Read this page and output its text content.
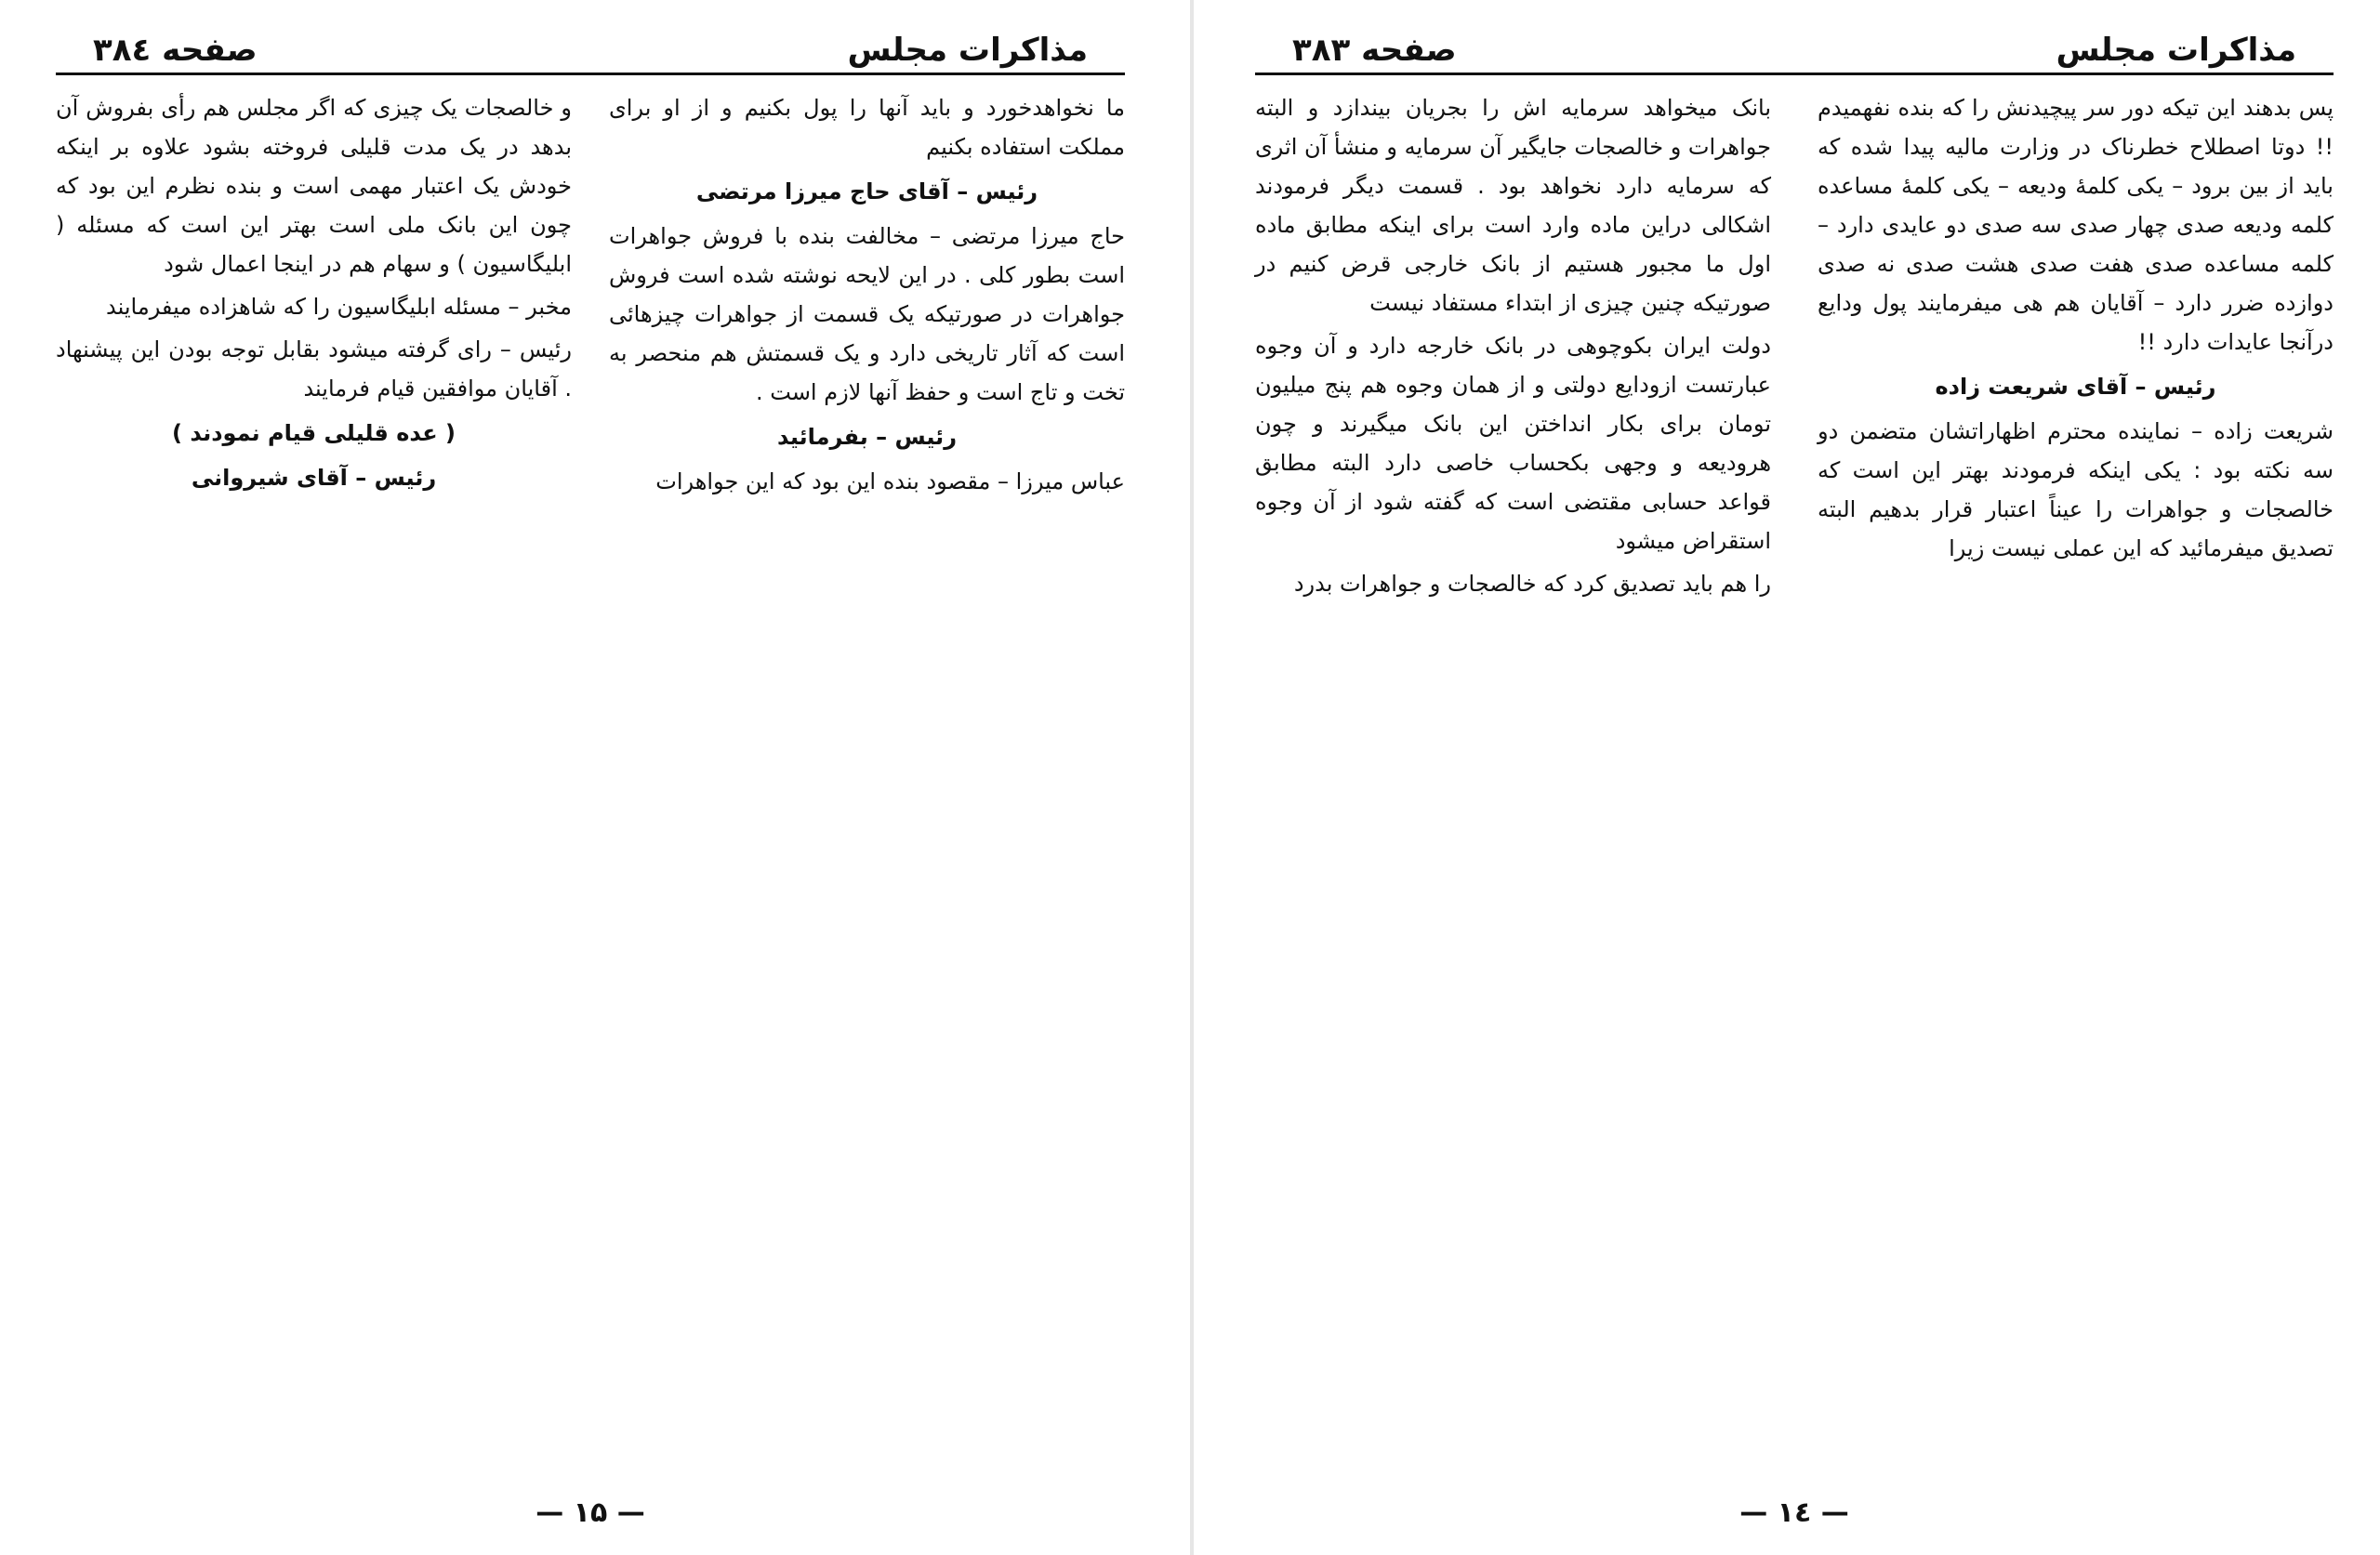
مذاکرات مجلس
صفحه ۳۸٤

ما نخواهدخورد و باید آنها را پول بکنیم و از او برای مملکت استفاده بکنیم

رئیس – آقای حاج میرزا مرتضی

حاج میرزا مرتضی – مخالفت بنده با فروش جواهرات است بطور کلی . در این لایحه نوشته شده است فروش جواهرات در صورتیکه یک قسمت از جواهرات چیزهائی است که آثار تاریخی دارد و یک قسمتش هم منحصر به تخت و تاج است و حفظ آنها لازم است .

رئیس – بفرمائید

عباس میرزا – مقصود بنده این بود که این جواهرات

و خالصجات یک چیزی که اگر مجلس هم رأی بفروش آن بدهد در یک مدت قلیلی فروخته بشود علاوه بر اینکه خودش یک اعتبار مهمی است و بنده نظرم این بود که چون این بانک ملی است بهتر این است که مسئله ( ابلیگاسیون ) و سهام هم در اینجا اعمال شود

مخبر – مسئله ابلیگاسیون را که شاهزاده میفرمایند

رئیس – رای گرفته میشود بقابل توجه بودن این پیشنهاد . آقایان موافقین قیام فرمایند

( عده قلیلی قیام نمودند )

رئیس – آقای شیروانی

— ۱۵ —
مذاکرات مجلس
صفحه ۳۸۳

پس بدهند این تیکه دور سر پیچیدنش را که بنده نفهمیدم !! دوتا اصطلاح خطرناک در وزارت مالیه پیدا شده که باید از بین برود – یکی کلمهٔ ودیعه – یکی کلمهٔ مساعده کلمه ودیعه صدی چهار صدی سه صدی دو عایدی دارد – کلمه مساعده صدی هفت صدی هشت صدی نه صدی دوازده ضرر دارد – آقایان هم هی میفرمایند پول ودایع درآنجا عایدات دارد !!

رئیس – آقای شریعت زاده

شریعت زاده – نماینده محترم اظهاراتشان متضمن دو سه نکته بود : یکی اینکه فرمودند بهتر این است که خالصجات و جواهرات را عیناً اعتبار قرار بدهیم البته تصدیق میفرمائید که این عملی نیست زیرا

بانک میخواهد سرمایه اش را بجریان بیندازد و البته جواهرات و خالصجات جایگیر آن سرمایه و منشأ آن اثری که سرمایه دارد نخواهد بود . قسمت دیگر فرمودند اشکالی دراین ماده وارد است برای اینکه مطابق ماده اول ما مجبور هستیم از بانک خارجی قرض کنیم در صورتیکه چنین چیزی از ابتداء مستفاد نیست

دولت ایران بکوچوهی در بانک خارجه دارد و آن وجوه عبارتست ازودایع دولتی و از همان وجوه هم پنج میلیون تومان برای بکار انداختن این بانک میگیرند و چون هرودیعه و وجهی بکحساب خاصی دارد البته مطابق قواعد حسابی مقتضی است که گفته شود از آن وجوه استقراض میشود

را هم باید تصدیق کرد که خالصجات و جواهرات بدرد

— ۱٤ —
